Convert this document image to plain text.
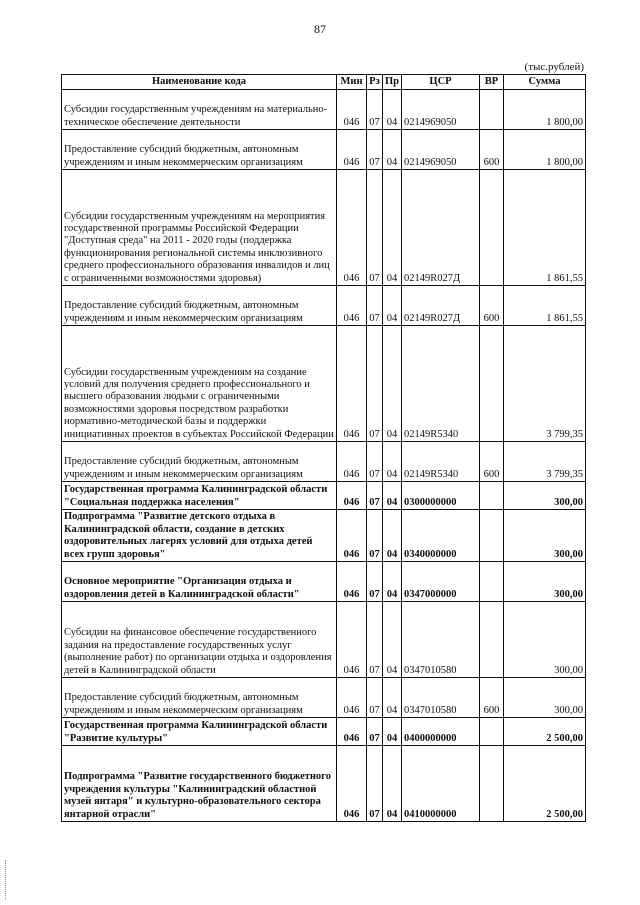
87
(тыс.рублей)
Наименование кода	Мин	Рз	Пр	ЦСР	ВР	Сумма
Субсидии государственным учреждениям на материально-техническое обеспечение деятельности	046	07	04	0214969050		1 800,00
Предоставление субсидий бюджетным, автономным учреждениям и иным некоммерческим организациям	046	07	04	0214969050	600	1 800,00
Субсидии государственным учреждениям на мероприятия государственной программы Российской Федерации "Доступная среда" на 2011 - 2020 годы (поддержка функционирования региональной системы инклюзивного среднего профессионального образования инвалидов и лиц с ограниченными возможностями здоровья)	046	07	04	02149R027Д		1 861,55
Предоставление субсидий бюджетным, автономным учреждениям и иным некоммерческим организациям	046	07	04	02149R027Д	600	1 861,55
Субсидии государственным учреждениям на создание условий для получения среднего профессионального и высшего образования людьми с ограниченными возможностями здоровья посредством разработки нормативно-методической базы и поддержки инициативных проектов в субъектах Российской Федерации	046	07	04	02149R5340		3 799,35
Предоставление субсидий бюджетным, автономным учреждениям и иным некоммерческим организациям	046	07	04	02149R5340	600	3 799,35
Государственная программа Калининградской области "Социальная поддержка населения"	046	07	04	0300000000		300,00
Подпрограмма "Развитие детского отдыха в Калининградской области, создание в детских оздоровительных лагерях условий для отдыха детей всех групп здоровья"	046	07	04	0340000000		300,00
Основное мероприятие "Организация отдыха и оздоровления детей в Калининградской области"	046	07	04	0347000000		300,00
Субсидии на финансовое обеспечение государственного задания на предоставление государственных услуг (выполнение работ) по организации отдыха и оздоровления детей в Калининградской области	046	07	04	0347010580		300,00
Предоставление субсидий бюджетным, автономным учреждениям и иным некоммерческим организациям	046	07	04	0347010580	600	300,00
Государственная программа Калининградской области "Развитие культуры"	046	07	04	0400000000		2 500,00
Подпрограмма "Развитие государственного бюджетного учреждения культуры "Калининградский областной музей янтаря" и культурно-образовательного сектора янтарной отрасли"	046	07	04	0410000000		2 500,00
